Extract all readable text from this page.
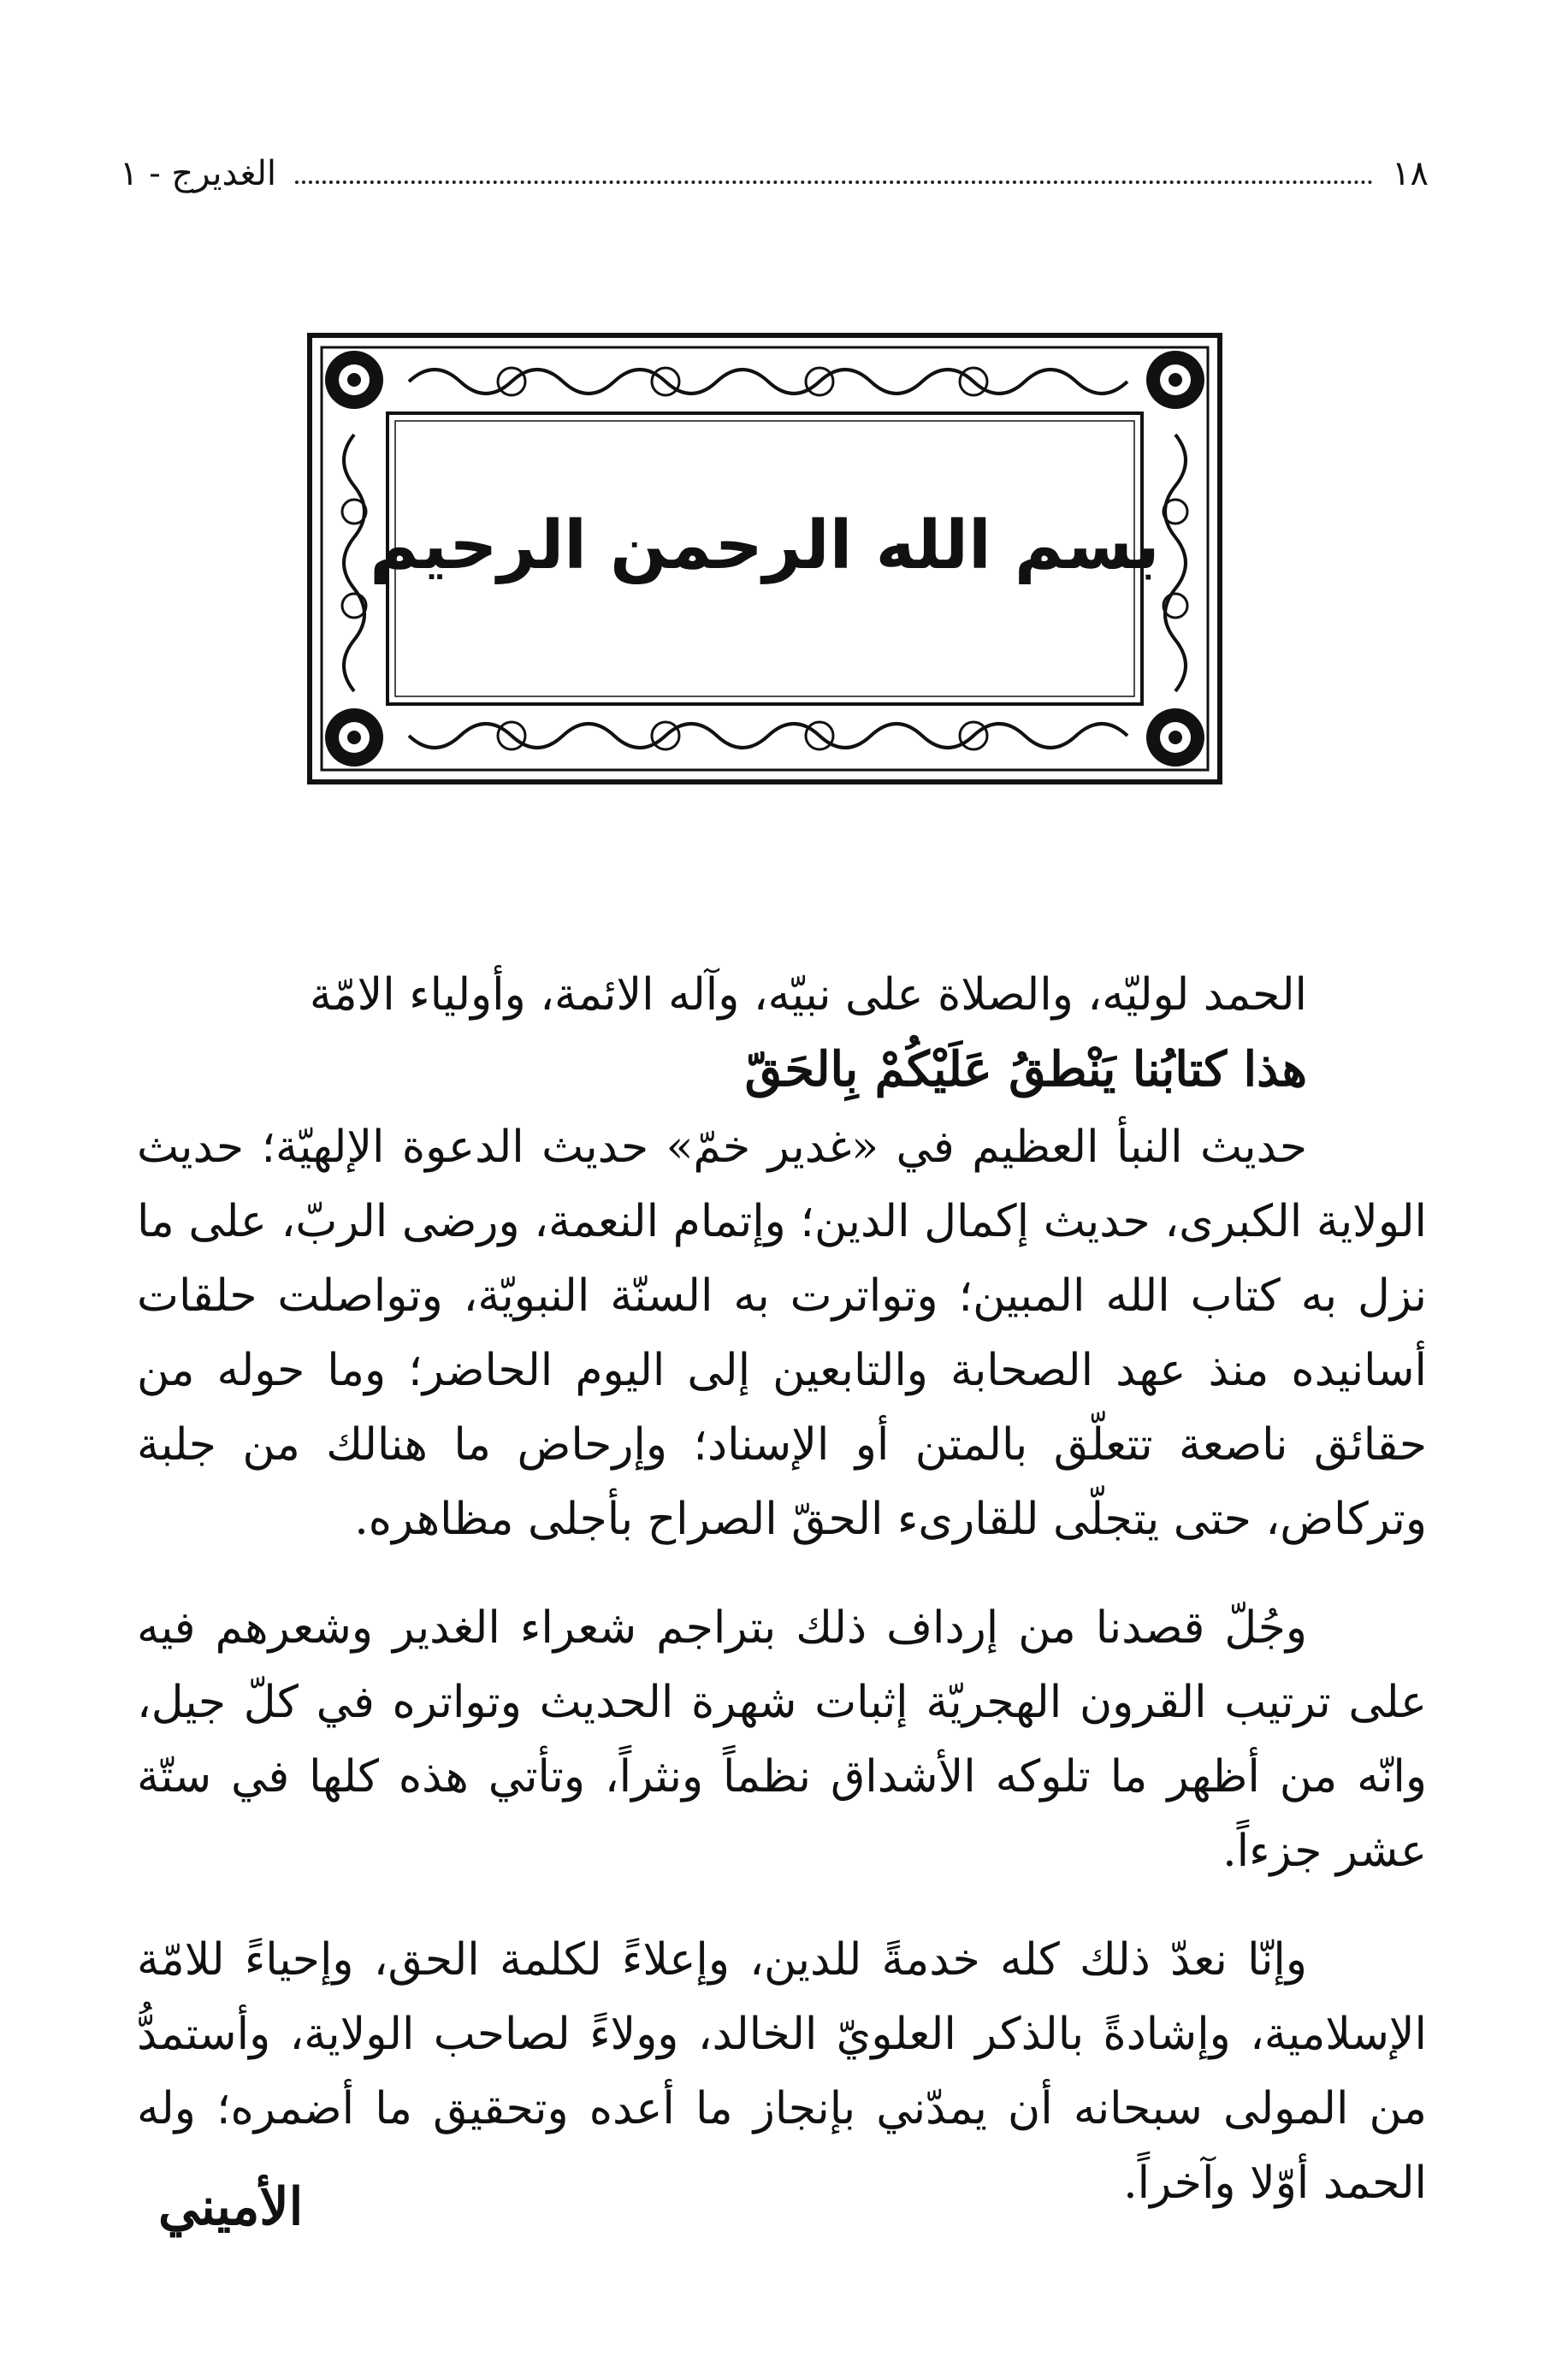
١٨
الغديرج - ١
بسم الله الرحمن الرحيم

الحمد لوليّه، والصلاة على نبيّه، وآله الائمة، وأولياء الامّة

هذا كتابُنا يَنْطقُ عَلَيْكُمْ بِالحَقّ

حديث النبأ العظيم في «غدير خمّ» حديث الدعوة الإلهيّة؛ حديث الولاية الكبرى، حديث إكمال الدين؛ وإتمام النعمة، ورضى الربّ، على ما نزل به كتاب الله المبين؛ وتواترت به السنّة النبويّة، وتواصلت حلقات أسانيده منذ عهد الصحابة والتابعين إلى اليوم الحاضر؛ وما حوله من حقائق ناصعة تتعلّق بالمتن أو الإسناد؛ وإرحاض ما هنالك من جلبة وتركاض، حتى يتجلّى للقارىء الحقّ الصراح بأجلى مظاهره.

وجُلّ قصدنا من إرداف ذلك بتراجم شعراء الغدير وشعرهم فيه على ترتيب القرون الهجريّة إثبات شهرة الحديث وتواتره في كلّ جيل، وانّه من أظهر ما تلوكه الأشداق نظماً ونثراً، وتأتي هذه كلها في ستّة عشر جزءاً.

وإنّا نعدّ ذلك كله خدمةً للدين، وإعلاءً لكلمة الحق، وإحياءً للامّة الإسلامية، وإشادةً بالذكر العلويّ الخالد، وولاءً لصاحب الولاية، وأستمدُّ من المولى سبحانه أن يمدّني بإنجاز ما أعده وتحقيق ما أضمره؛ وله الحمد أوّلا وآخراً.

الأميني
